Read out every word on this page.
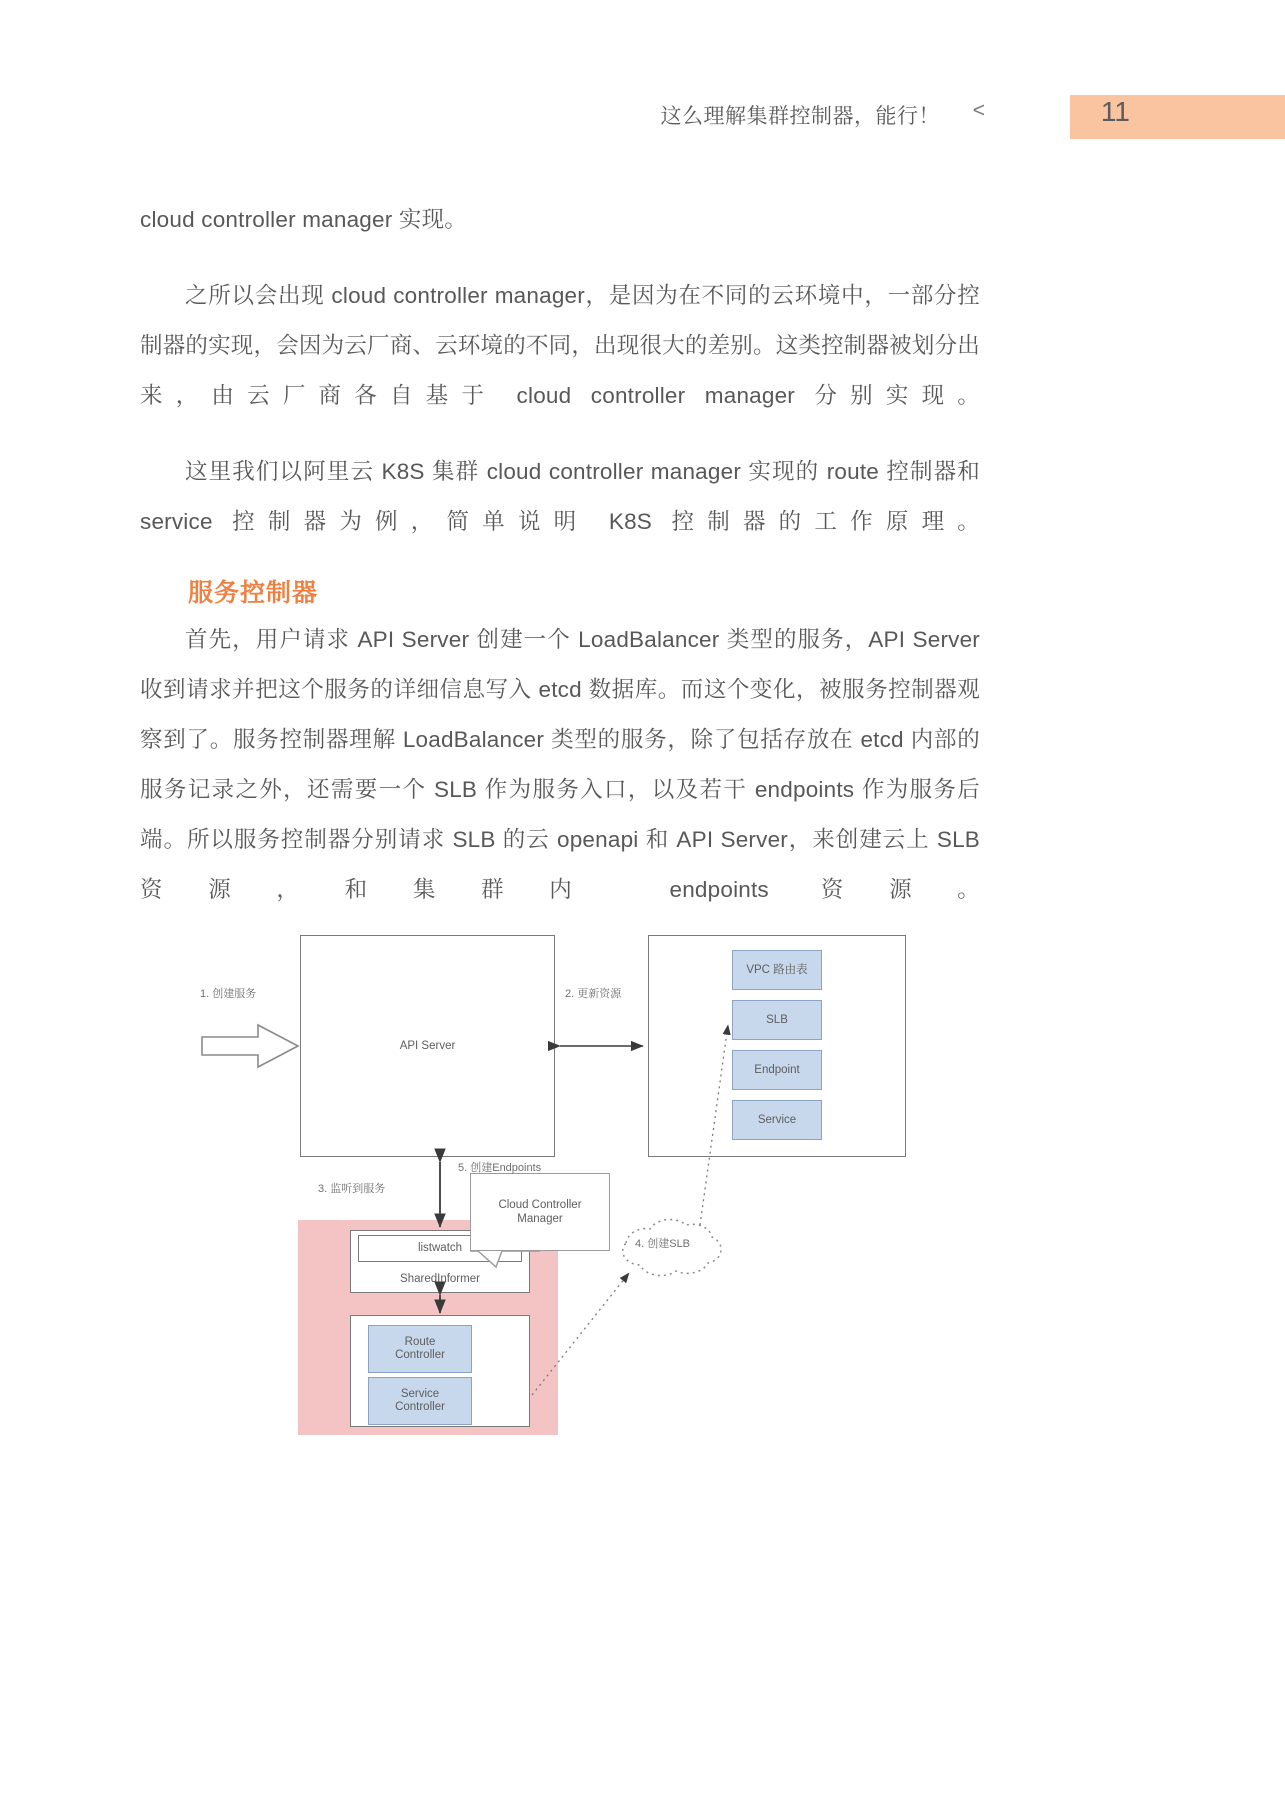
这么理解集群控制器，能行！ <	11

cloud controller manager 实现。

之所以会出现 cloud controller manager，是因为在不同的云环境中，一部分控制器的实现，会因为云厂商、云环境的不同，出现很大的差别。这类控制器被划分出来，由云厂商各自基于 cloud controller manager 分别实现。

这里我们以阿里云 K8S 集群 cloud controller manager 实现的 route 控制器和 service 控制器为例，简单说明 K8S 控制器的工作原理。

服务控制器

首先，用户请求 API Server 创建一个 LoadBalancer 类型的服务，API Server 收到请求并把这个服务的详细信息写入 etcd 数据库。而这个变化，被服务控制器观察到了。服务控制器理解 LoadBalancer 类型的服务，除了包括存放在 etcd 内部的服务记录之外，还需要一个 SLB 作为服务入口，以及若干 endpoints 作为服务后端。所以服务控制器分别请求 SLB 的云 openapi 和 API Server，来创建云上 SLB 资源，和集群内 endpoints 资源。

API Server
VPC 路由表
SLB
Endpoint
Service
SharedInformer
listwatch
Route
Controller
Service
Controller
Cloud Controller
Manager
1. 创建服务	2. 更新资源
3. 监听到服务
4. 创建SLB
5. 创建Endpoints
